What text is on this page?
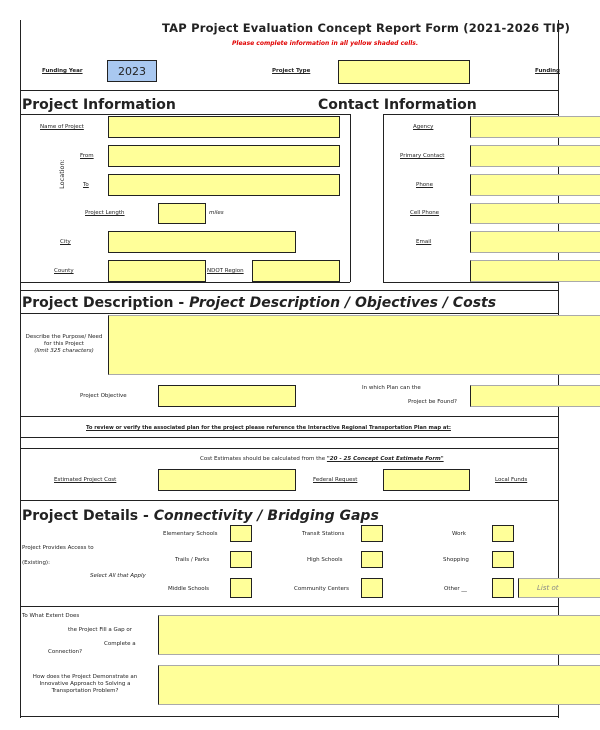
TAP Project Evaluation Concept Report Form (2021-2026 TIP)
Please complete information in all yellow shaded cells.
Funding Year	2023	Project Type	Funding
Project Information	Contact Information
Name of Project
Location:
From
To
Project Length	miles
City
County	NDOT Region
Agency
Primary Contact
Phone
Cell Phone
Email
Project Description - Project Description / Objectives / Costs
Describe the Purpose/ Need for this Project
(limit 325 characters)
Project Objective
In which Plan can the
Project be Found?
To review or verify the associated plan for the project please reference the Interactive Regional Transportation Plan map at:
Cost Estimates should be calculated from the "20 - 25 Concept Cost Estimate Form"
Estimated Project Cost	Federal Request	Local Funds
Project Details - Connectivity / Bridging Gaps
Project Provides Access to
(Existing):
Select All that Apply
Elementary Schools	Transit Stations	Work
Trails / Parks	High Schools	Shopping
Middle Schools	Community Centers	Other __	List ot
To What Extent Does
the Project Fill a Gap or
Complete a
Connection?
How does the Project Demonstrate an
Innovative Approach to Solving a
Transportation Problem?
